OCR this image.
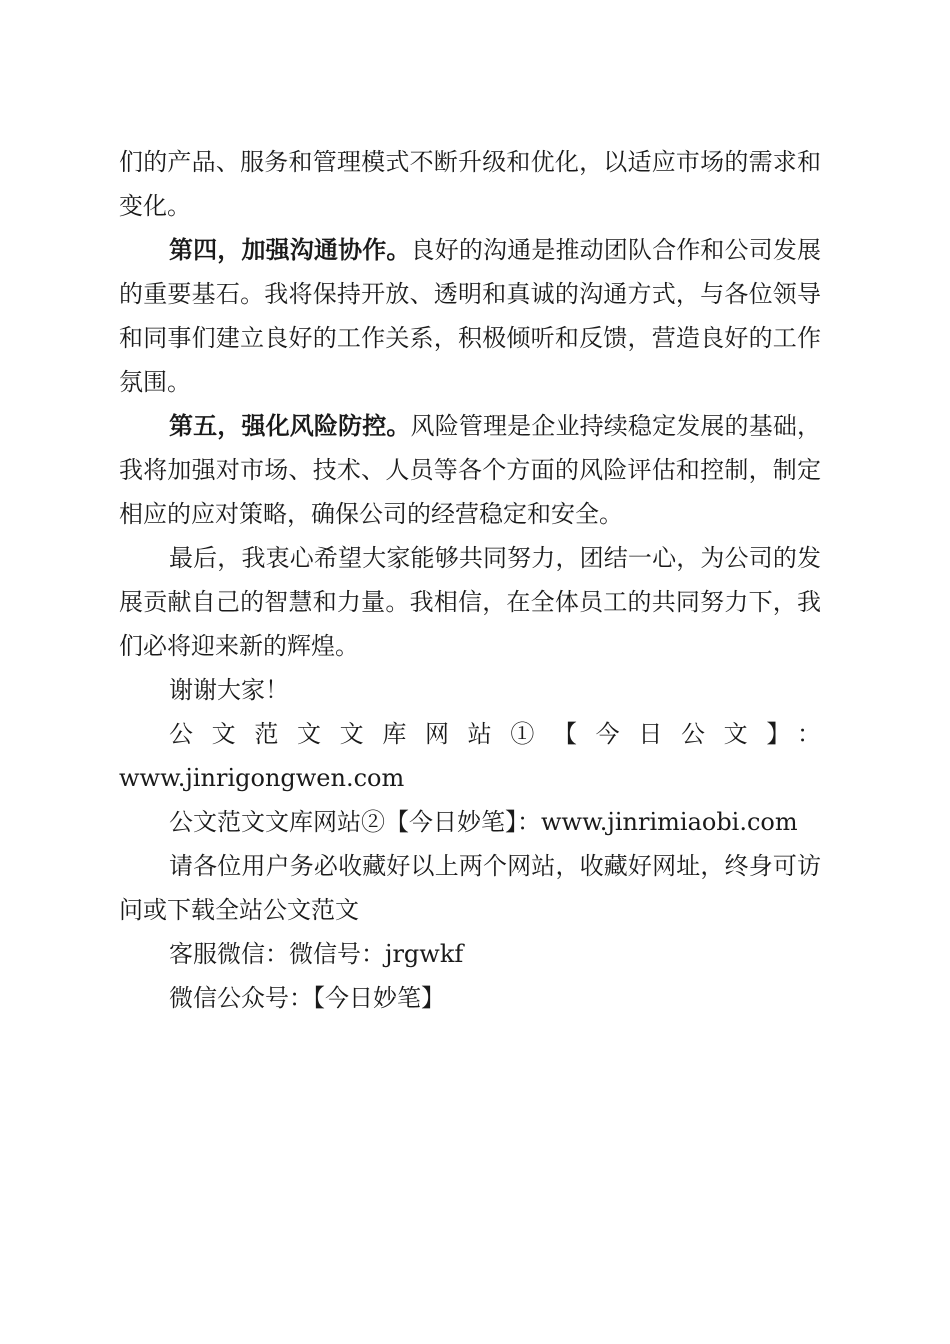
们的产品、服务和管理模式不断升级和优化，以适应市场的需求和变化。

第四，加强沟通协作。良好的沟通是推动团队合作和公司发展的重要基石。我将保持开放、透明和真诚的沟通方式，与各位领导和同事们建立良好的工作关系，积极倾听和反馈，营造良好的工作氛围。

第五，强化风险防控。风险管理是企业持续稳定发展的基础，我将加强对市场、技术、人员等各个方面的风险评估和控制，制定相应的应对策略，确保公司的经营稳定和安全。

最后，我衷心希望大家能够共同努力，团结一心，为公司的发展贡献自己的智慧和力量。我相信，在全体员工的共同努力下，我们必将迎来新的辉煌。

谢谢大家！

公文范文文库网站①【今日公文】：

www.jinrigongwen.com

公文范文文库网站②【今日妙笔】：www.jinrimiaobi.com

请各位用户务必收藏好以上两个网站，收藏好网址，终身可访问或下载全站公文范文

客服微信：微信号：jrgwkf

微信公众号：【今日妙笔】
